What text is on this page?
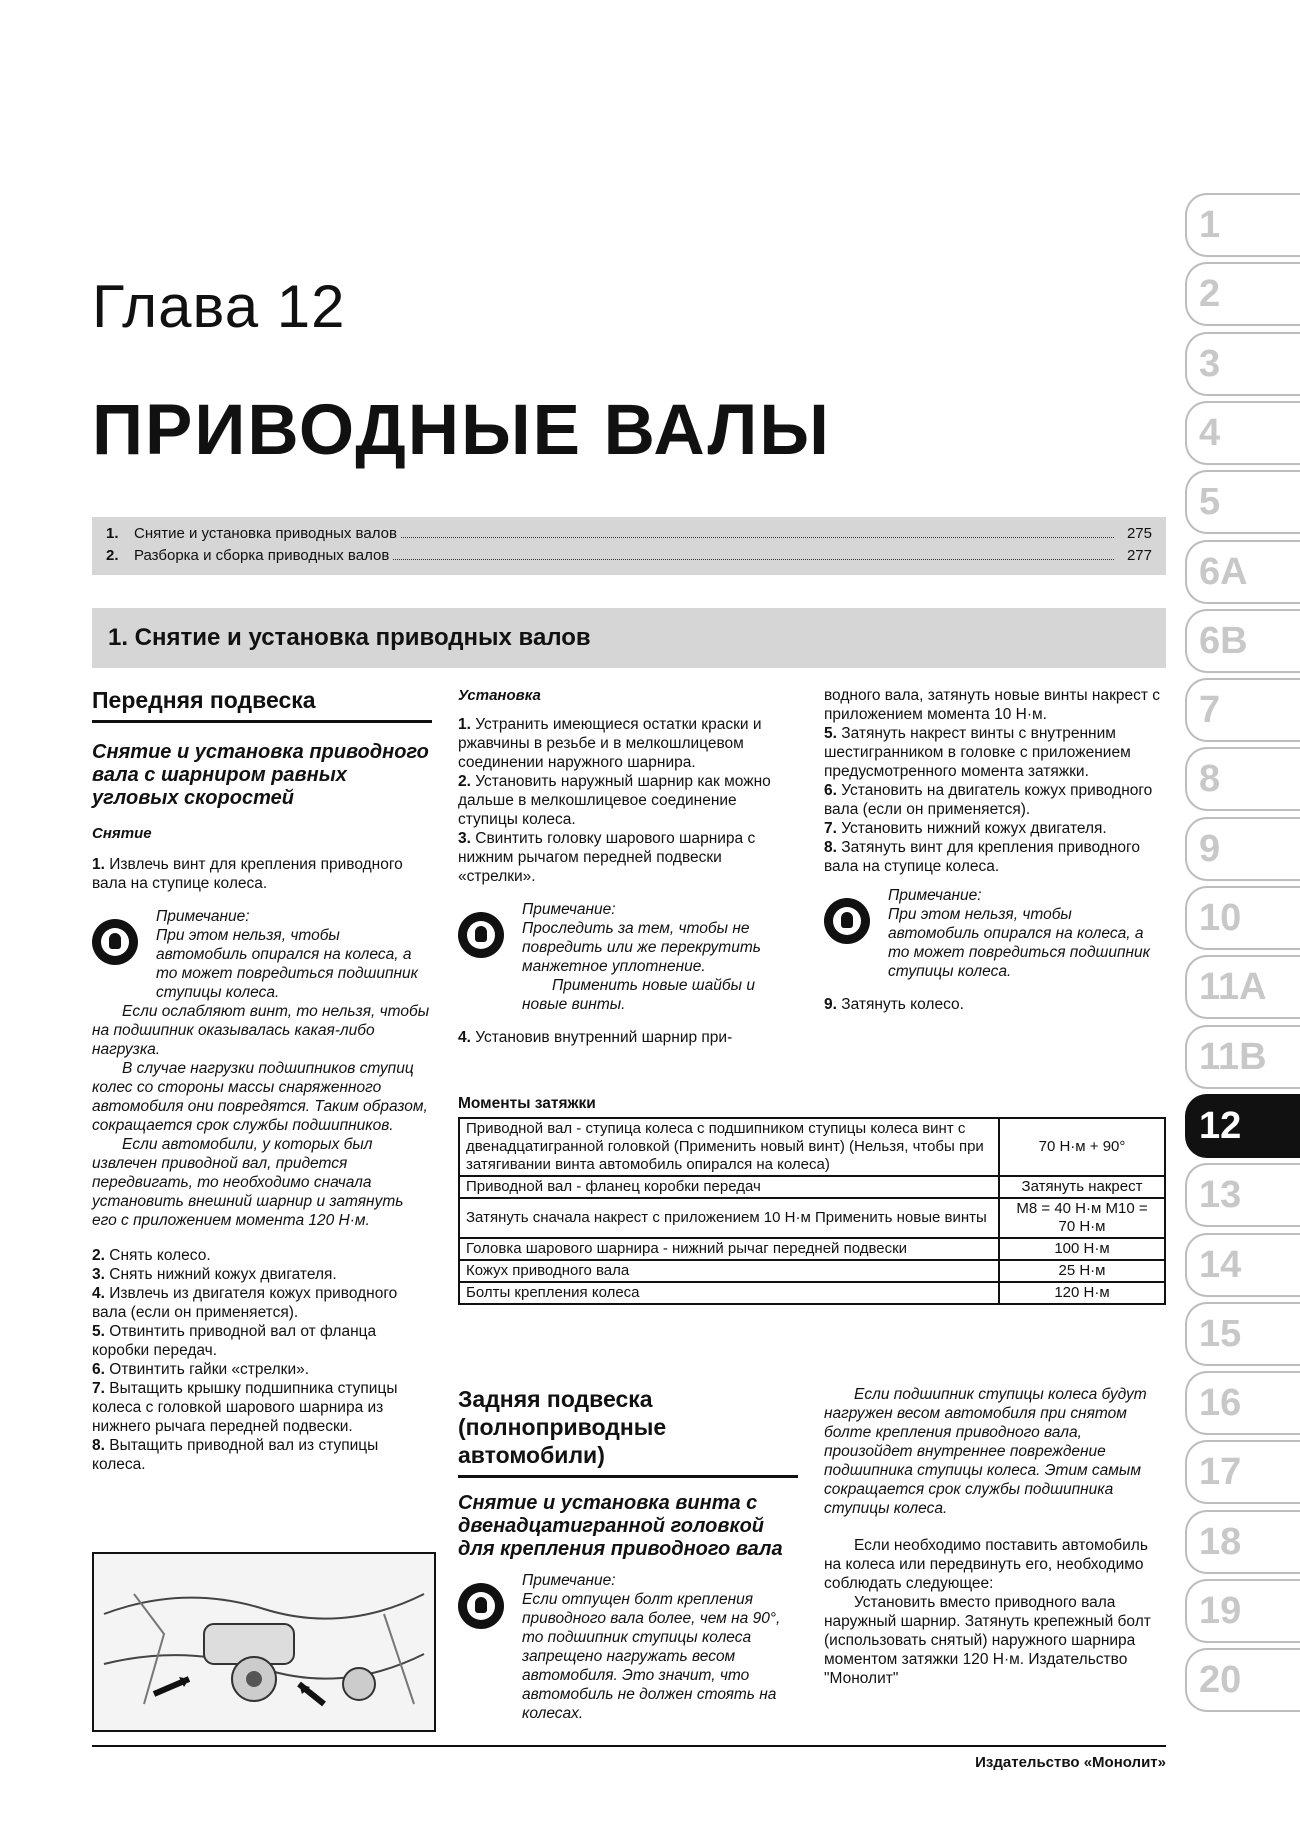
Глава 12
ПРИВОДНЫЕ ВАЛЫ
1.	Снятие и установка приводных валов	275
2.	Разборка и сборка приводных валов	277
1. Снятие и установка приводных валов
1
2
3
4
5
6A
6B
7
8
9
10
11A
11B
12
13
14
15
16
17
18
19
20
Передняя подвеска
Снятие и установка приводного вала с шарниром равных угловых скоростей
Снятие

1. Извлечь винт для крепления приводного вала на ступице колеса.

Примечание:

При этом нельзя, чтобы автомобиль опирался на колеса, а то может повредиться подшипник ступицы колеса.

Если ослабляют винт, то нельзя, чтобы на подшипник оказывалась какая-либо нагрузка.

В случае нагрузки подшипников ступиц колес со стороны массы снаряженного автомобиля они повредятся. Таким образом, сокращается срок службы подшипников.

Если автомобили, у которых был извлечен приводной вал, придется передвигать, то необходимо сначала установить внешний шарнир и затянуть его с приложением момента 120 Н·м.

2. Снять колесо.

3. Снять нижний кожух двигателя.

4. Извлечь из двигателя кожух приводного вала (если он применяется).

5. Отвинтить приводной вал от фланца коробки передач.

6. Отвинтить гайки «стрелки».

7. Вытащить крышку подшипника ступицы колеса с головкой шарового шарнира из нижнего рычага передней подвески.

8. Вытащить приводной вал из ступицы колеса.

Установка

1. Устранить имеющиеся остатки краски и ржавчины в резьбе и в мелкошлицевом соединении наружного шарнира.

2. Установить наружный шарнир как можно дальше в мелкошлицевое соединение ступицы колеса.

3. Свинтить головку шарового шарнира с нижним рычагом передней подвески «стрелки».

Примечание:

Проследить за тем, чтобы не повредить или же перекрутить манжетное уплотнение.

Применить новые шайбы и новые винты.

4. Установив внутренний шарнир при-

Моменты затяжки
Приводной вал - ступица колеса с подшипником ступицы колеса винт с двенадцатигранной головкой (Применить новый винт) (Нельзя, чтобы при затягивании винта автомобиль опирался на колеса)	70 Н·м + 90°
Приводной вал - фланец коробки передач	Затянуть накрест
Затянуть сначала накрест с приложением 10 Н·м Применить новые винты	M8 = 40 Н·м M10 = 70 Н·м
Головка шарового шарнира - нижний рычаг передней подвески	100 Н·м
Кожух приводного вала	25 Н·м
Болты крепления колеса	120 Н·м
Задняя подвеска (полноприводные автомобили)
Снятие и установка винта с двенадцатигранной головкой для крепления приводного вала

Примечание:

Если отпущен болт крепления приводного вала более, чем на 90°, то подшипник ступицы колеса запрещено нагружать весом автомобиля. Это значит, что автомобиль не должен стоять на колесах.

водного вала, затянуть новые винты накрест с приложением момента 10 Н·м.

5. Затянуть накрест винты с внутренним шестигранником в головке с приложением предусмотренного момента затяжки.

6. Установить на двигатель кожух приводного вала (если он применяется).

7. Установить нижний кожух двигателя.

8. Затянуть винт для крепления приводного вала на ступице колеса.

Примечание:

При этом нельзя, чтобы автомобиль опирался на колеса, а то может повредиться подшипник ступицы колеса.

9. Затянуть колесо.

Если подшипник ступицы колеса будут нагружен весом автомобиля при снятом болте крепления приводного вала, произойдет внутреннее повреждение подшипника ступицы колеса. Этим самым сокращается срок службы подшипника ступицы колеса.

Если необходимо поставить автомобиль на колеса или передвинуть его, необходимо соблюдать следующее:

Установить вместо приводного вала наружный шарнир. Затянуть крепежный болт (использовать снятый) наружного шарнира моментом затяжки 120 Н·м. Издательство "Монолит"

Издательство «Монолит»
